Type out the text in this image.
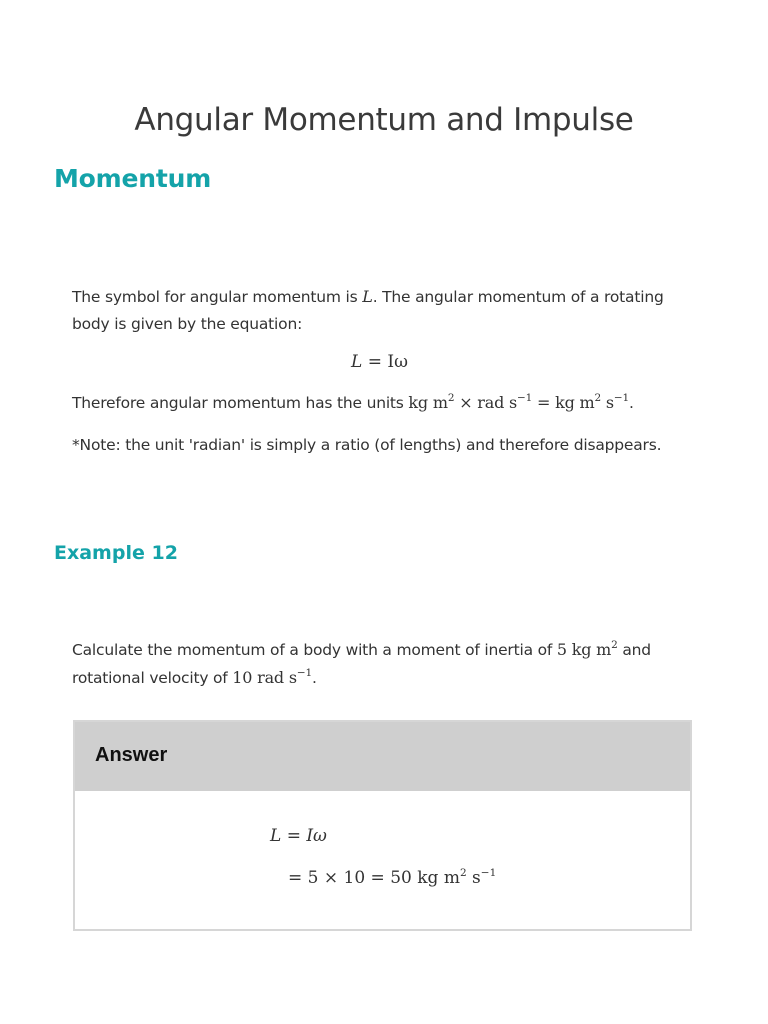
Angular Momentum and Impulse
Momentum

The symbol for angular momentum is L. The angular momentum of a rotating body is given by the equation:

L = Iω

Therefore angular momentum has the units kg $m^2$ × rad $s^{-1}$ = kg $m^2$ $s^{-1}$.

*Note: the unit 'radian' is simply a ratio (of lengths) and therefore disappears.

Example 12

Calculate the momentum of a body with a moment of inertia of 5 kg $m^2$ and rotational velocity of 10 rad $s^{-1}$.

Answer
L = Iω
= 5 × 10 = 50 kg $m^2$ $s^{-1}$
